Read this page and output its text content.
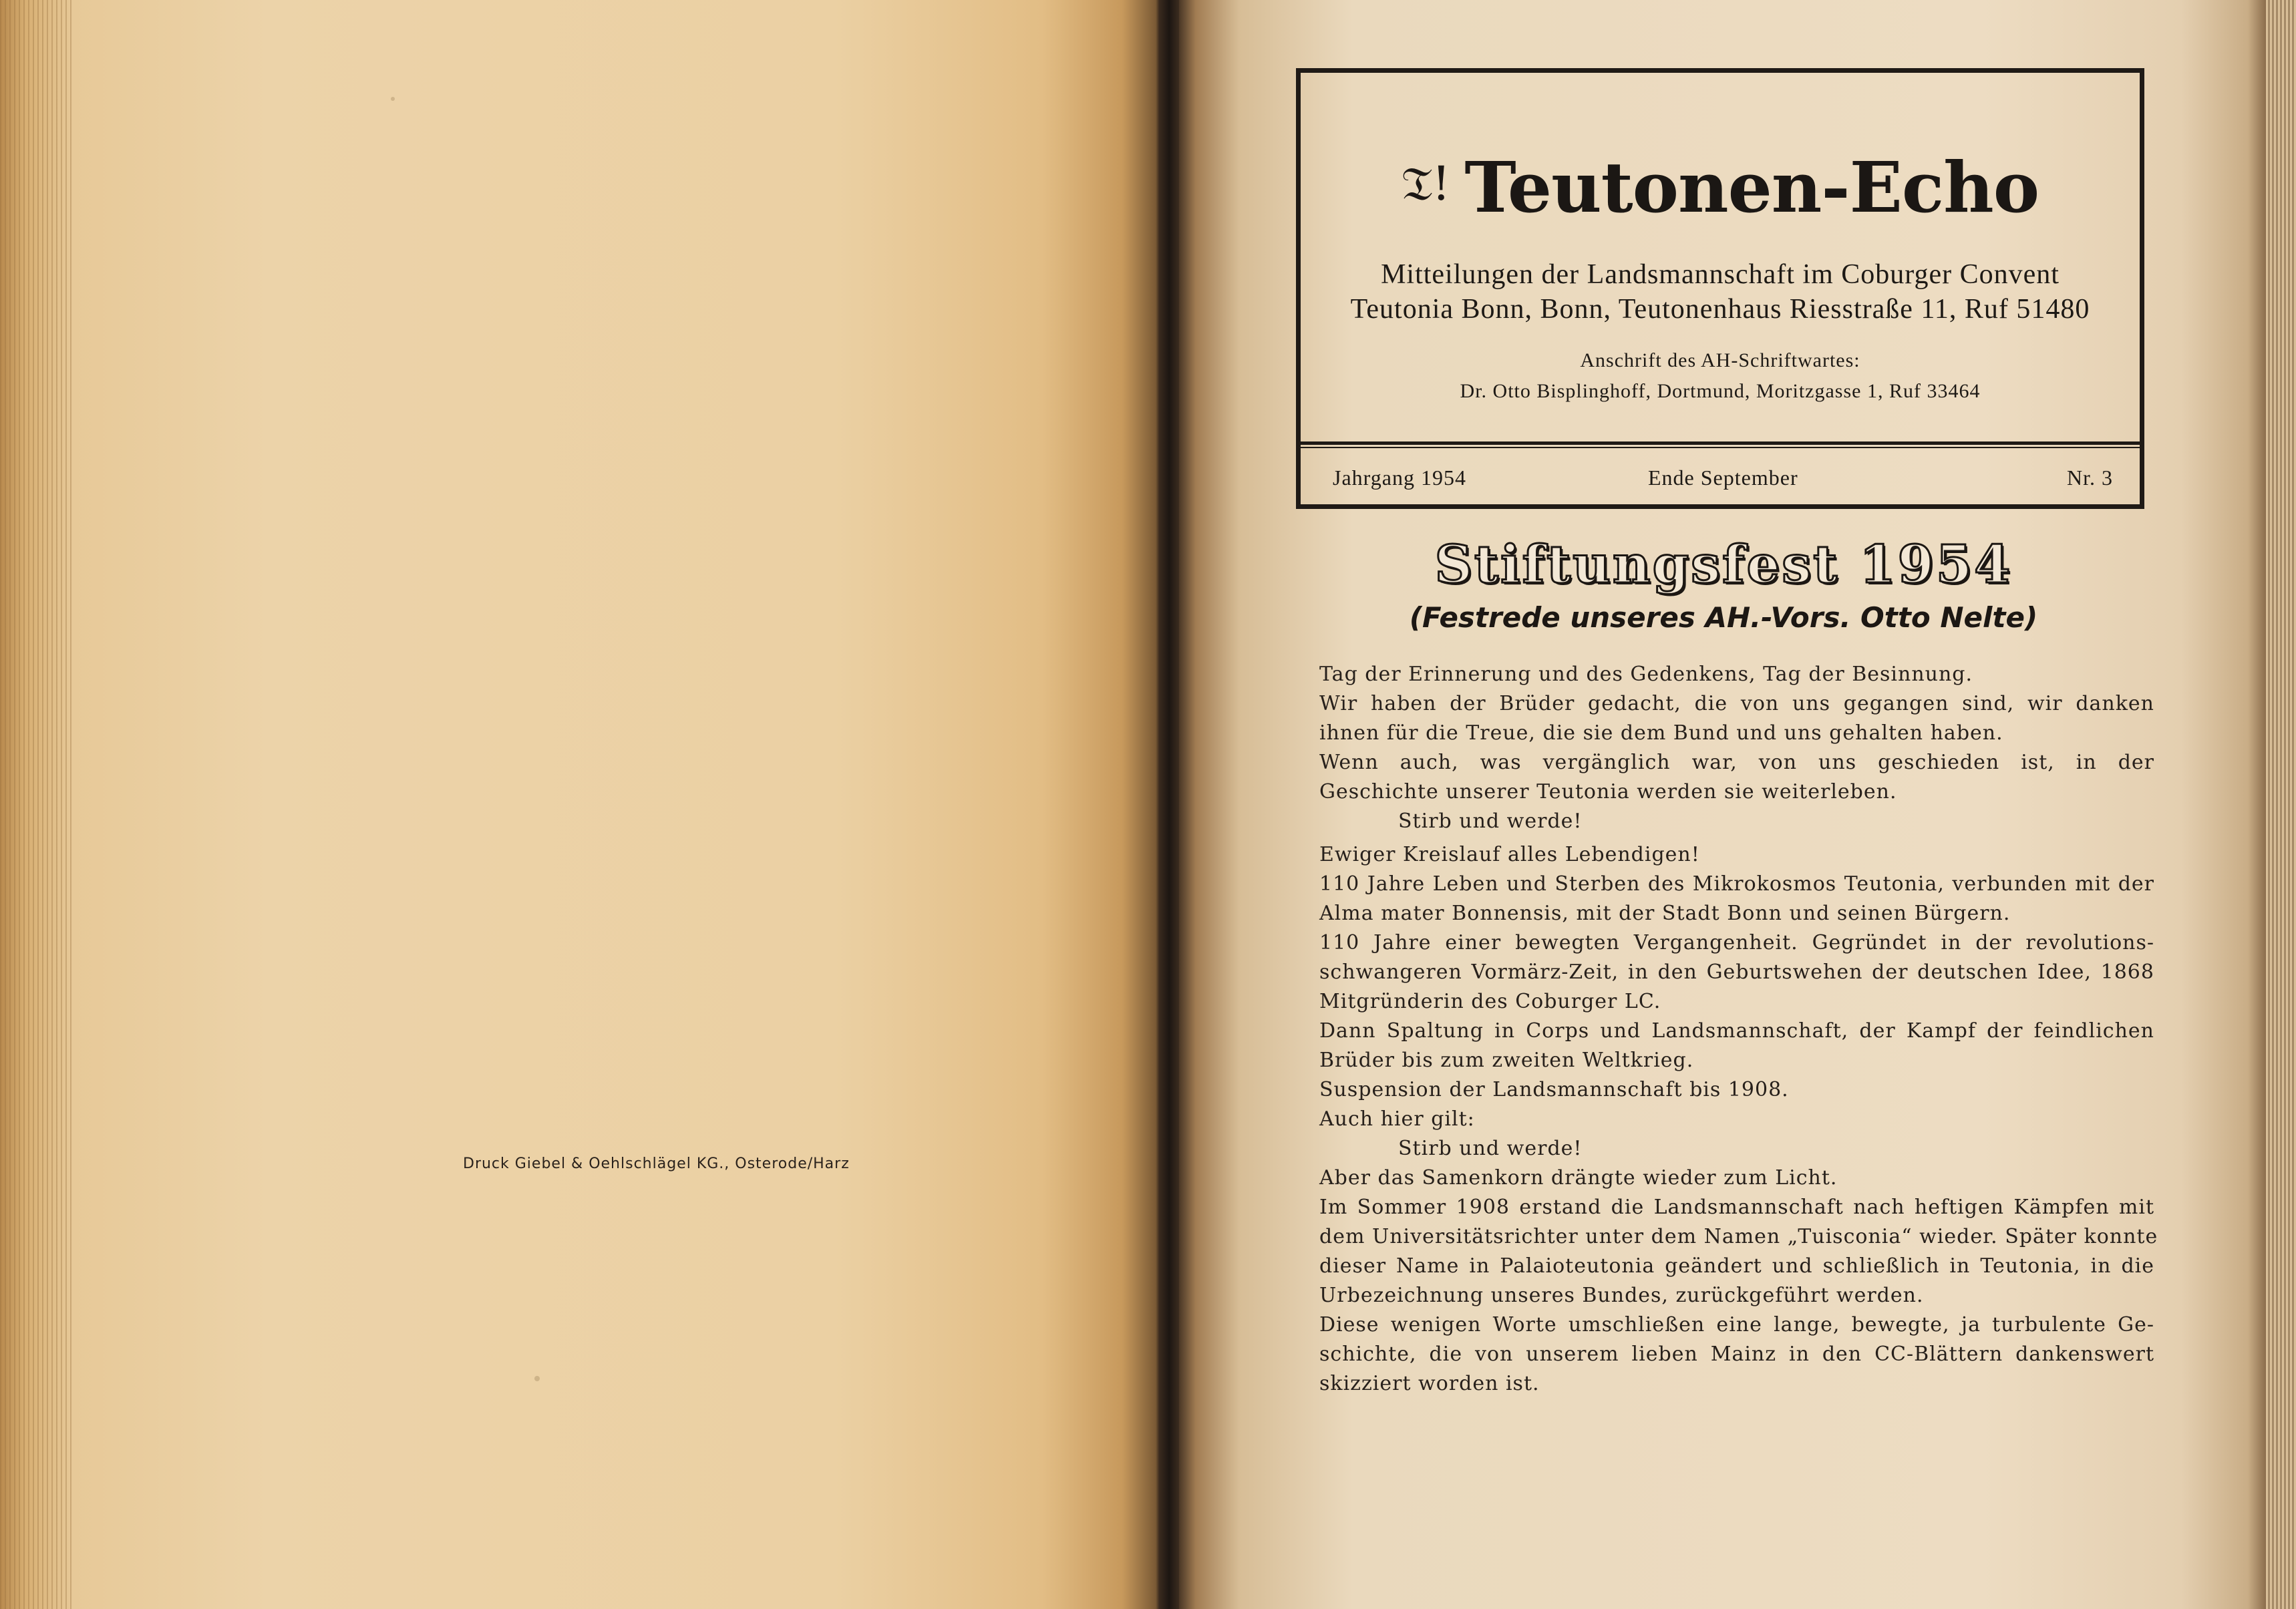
Druck Giebel & Oehlschlägel KG., Osterode/Harz
𝔗! Teutonen-Echo
Mitteilungen der Landsmannschaft im Coburger Convent
Teutonia Bonn, Bonn, Teutonenhaus Riesstraße 11, Ruf 51480
Anschrift des AH-Schriftwartes:
Dr. Otto Bisplinghoff, Dortmund, Moritzgasse 1, Ruf 33464
Jahrgang 1954	Ende September	Nr. 3
Stiftungsfest 1954
(Festrede unseres AH.-Vors. Otto Nelte)
Tag der Erinnerung und des Gedenkens, Tag der Besinnung.
Wir haben der Brüder gedacht, die von uns gegangen sind, wir danken
ihnen für die Treue, die sie dem Bund und uns gehalten haben.
Wenn auch, was vergänglich war, von uns geschieden ist, in der
Geschichte unserer Teutonia werden sie weiterleben.
Stirb und werde!
Ewiger Kreislauf alles Lebendigen!
110 Jahre Leben und Sterben des Mikrokosmos Teutonia, verbunden mit der
Alma mater Bonnensis, mit der Stadt Bonn und seinen Bürgern.
110 Jahre einer bewegten Vergangenheit. Gegründet in der revolutions-
schwangeren Vormärz-Zeit, in den Geburtswehen der deutschen Idee, 1868
Mitgründerin des Coburger LC.
Dann Spaltung in Corps und Landsmannschaft, der Kampf der feindlichen
Brüder bis zum zweiten Weltkrieg.
Suspension der Landsmannschaft bis 1908.
Auch hier gilt:
Stirb und werde!
Aber das Samenkorn drängte wieder zum Licht.
Im Sommer 1908 erstand die Landsmannschaft nach heftigen Kämpfen mit
dem Universitätsrichter unter dem Namen „Tuisconia“ wieder. Später konnte
dieser Name in Palaioteutonia geändert und schließlich in Teutonia, in die
Urbezeichnung unseres Bundes, zurückgeführt werden.
Diese wenigen Worte umschließen eine lange, bewegte, ja turbulente Ge-
schichte, die von unserem lieben Mainz in den CC-Blättern dankenswert
skizziert worden ist.
